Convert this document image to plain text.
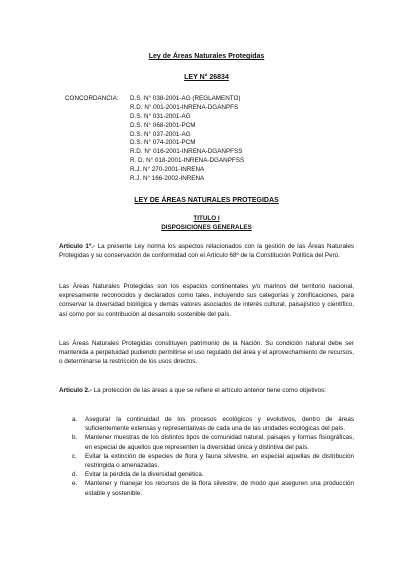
Ley de Áreas Naturales Protegidas
LEY N° 26834
CONCORDANCIA:	D.S. N° 038-2001-AG (REGLAMENTO)
R.D. N° 001-2001-INRENA-DGANPFS
D.S. N° 031-2001-AG
D.S. N° 068-2001-PCM
D.S. N° 037-2001-AG
D.S. N° 074-2001-PCM
R.D. N° 016-2001-INRENA-DGANPFSS
R. D. N° 018-2001-INRENA-DGANPFSS
R.J. N° 270-2001-INRENA
R.J. N° 166-2002-INRENA
LEY DE ÁREAS NATURALES PROTEGIDAS
TITULO I
DISPOSICIONES GENERALES
Artículo 1º.- La presente Ley norma los aspectos relacionados con la gestión de las Áreas Naturales Protegidas y su conservación de conformidad con el Artículo 68º de la Constitución Política del Perú.
Las Áreas Naturales Protegidas son los espacios continentales y/o marinos del territorio nacional, expresamente reconocidos y declarados como tales, incluyendo sus categorías y zonificaciones, para conservar la diversidad biológica y demás valores asociados de interés cultural, paisajístico y científico, así como por su contribución al desarrollo sostenible del país.
Las Áreas Naturales Protegidas constituyen patrimonio de la Nación. Su condición natural debe ser mantenida a perpetuidad pudiendo permitirse el uso regulado del área y el aprovechamiento de recursos, o determinarse la restricción de los usos directos.
Artículo 2.- La protección de las áreas a que se refiere el artículo anterior tiene como objetivos:
a.	Asegurar la continuidad de los procesos ecológicos y evolutivos, dentro de áreas suficientemente extensas y representativas de cada una de las unidades ecológicas del país.
b.	Mantener muestras de los distintos tipos de comunidad natural, paisajes y formas fisiográficas, en especial de aquellos que representen la diversidad única y distintiva del país.
c.	Evitar la extinción de especies de flora y fauna silvestre, en especial aquellas de distribución restringida o amenazadas.
d.	Evitar la pérdida de la diversidad genética.
e.	Mantener y manejar los recursos de la flora silvestre, de modo que aseguren una producción estable y sostenible.
